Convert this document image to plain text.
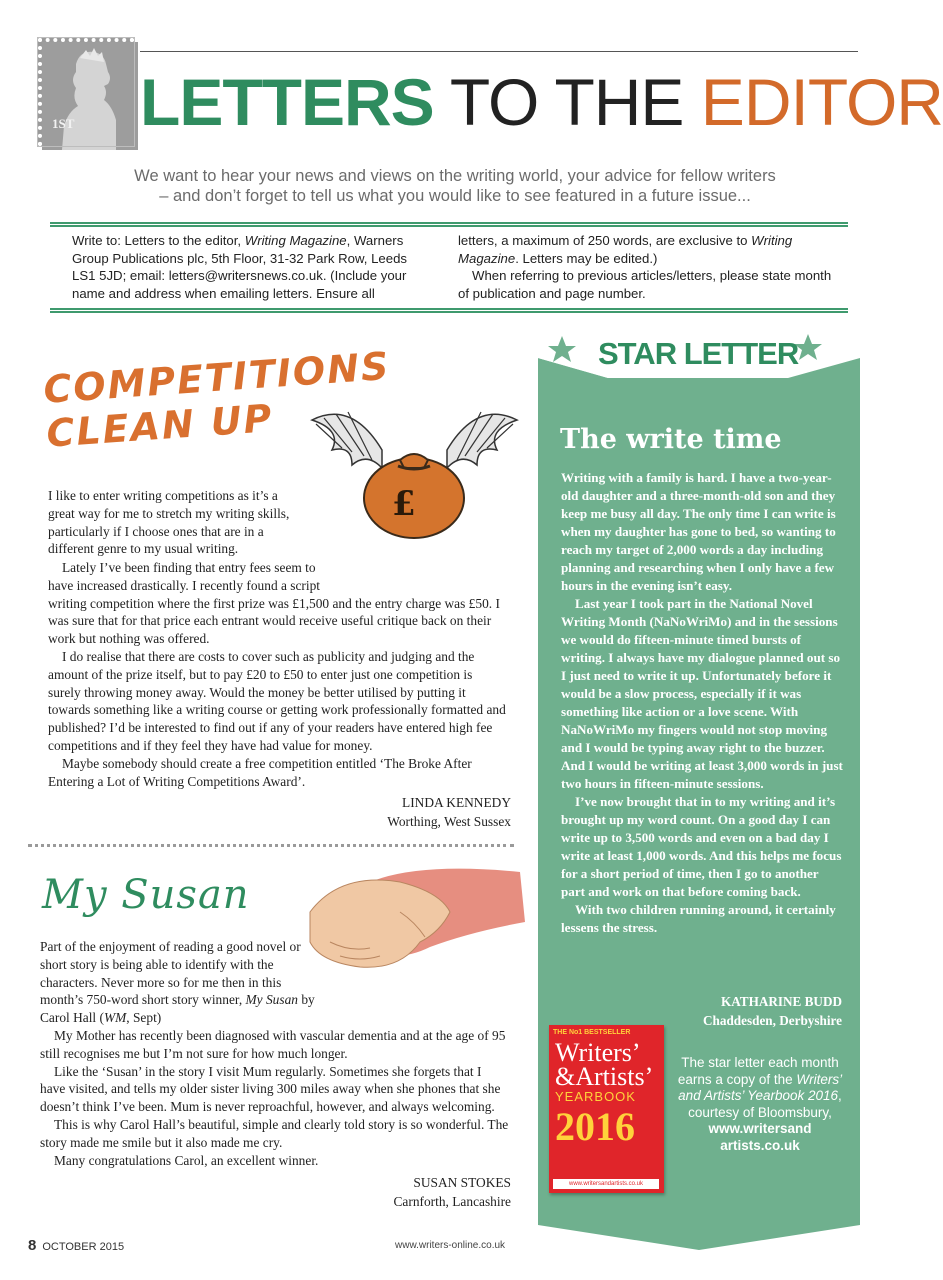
1ST LETTERS TO THE EDITOR
We want to hear your news and views on the writing world, your advice for fellow writers
– and don’t forget to tell us what you would like to see featured in a future issue...

Write to: Letters to the editor, Writing Magazine, Warners Group Publications plc, 5th Floor, 31-32 Park Row, Leeds LS1 5JD; email: letters@writersnews.co.uk. (Include your name and address when emailing letters. Ensure all

letters, a maximum of 250 words, are exclusive to Writing Magazine. Letters may be edited.)

When referring to previous articles/letters, please state month of publication and page number.

COMPETITIONS
CLEAN UP
£

I like to enter writing competitions as it’s a great way for me to stretch my writing skills, particularly if I choose ones that are in a different genre to my usual writing.

Lately I’ve been finding that entry fees seem to have increased drastically. I recently found a script writing competition where the first prize was £1,500 and the entry charge was £50. I was sure that for that price each entrant would receive useful critique back on their work but nothing was offered.

I do realise that there are costs to cover such as publicity and judging and the amount of the prize itself, but to pay £20 to £50 to enter just one competition is surely throwing money away. Would the money be better utilised by putting it towards something like a writing course or getting work professionally formatted and published? I’d be interested to find out if any of your readers have entered high fee competitions and if they feel they have had value for money.

Maybe somebody should create a free competition entitled ‘The Broke After Entering a Lot of Writing Competitions Award’.

LINDA KENNEDY
Worthing, West Sussex
My Susan

Part of the enjoyment of reading a good novel or short story is being able to identify with the characters. Never more so for me then in this month’s 750-word short story winner, My Susan by Carol Hall (WM, Sept)

My Mother has recently been diagnosed with vascular dementia and at the age of 95 still recognises me but I’m not sure for how much longer.

Like the ‘Susan’ in the story I visit Mum regularly. Sometimes she forgets that I have visited, and tells my older sister living 300 miles away when she phones that she doesn’t think I’ve been. Mum is never reproachful, however, and always welcoming.

This is why Carol Hall’s beautiful, simple and clearly told story is so wonderful. The story made me smile but it also made me cry.

Many congratulations Carol, an excellent winner.

SUSAN STOKES
Carnforth, Lancashire
STAR LETTER
The write time

Writing with a family is hard. I have a two-year-old daughter and a three-month-old son and they keep me busy all day. The only time I can write is when my daughter has gone to bed, so wanting to reach my target of 2,000 words a day including planning and researching when I only have a few hours in the evening isn’t easy.

Last year I took part in the National Novel Writing Month (NaNoWriMo) and in the sessions we would do fifteen-minute timed bursts of writing. I always have my dialogue planned out so I just need to write it up. Unfortunately before it would be a slow process, especially if it was something like action or a love scene. With NaNoWriMo my fingers would not stop moving and I would be typing away right to the buzzer. And I would be writing at least 3,000 words in just two hours in fifteen-minute sessions.

I’ve now brought that in to my writing and it’s brought up my word count. On a good day I can write up to 3,500 words and even on a bad day I write at least 1,000 words. And this helps me focus for a short period of time, then I go to another part and work on that before coming back.

With two children running around, it certainly lessens the stress.

KATHARINE BUDD
Chaddesden, Derbyshire
THE No1 BESTSELLER
Writers’
&Artists’
YEARBOOK
2016
www.writersandartists.co.uk
The star letter each month earns a copy of the Writers’ and Artists’ Yearbook 2016, courtesy of Bloomsbury,
www.writersand
artists.co.uk
8 OCTOBER 2015	www.writers-online.co.uk
